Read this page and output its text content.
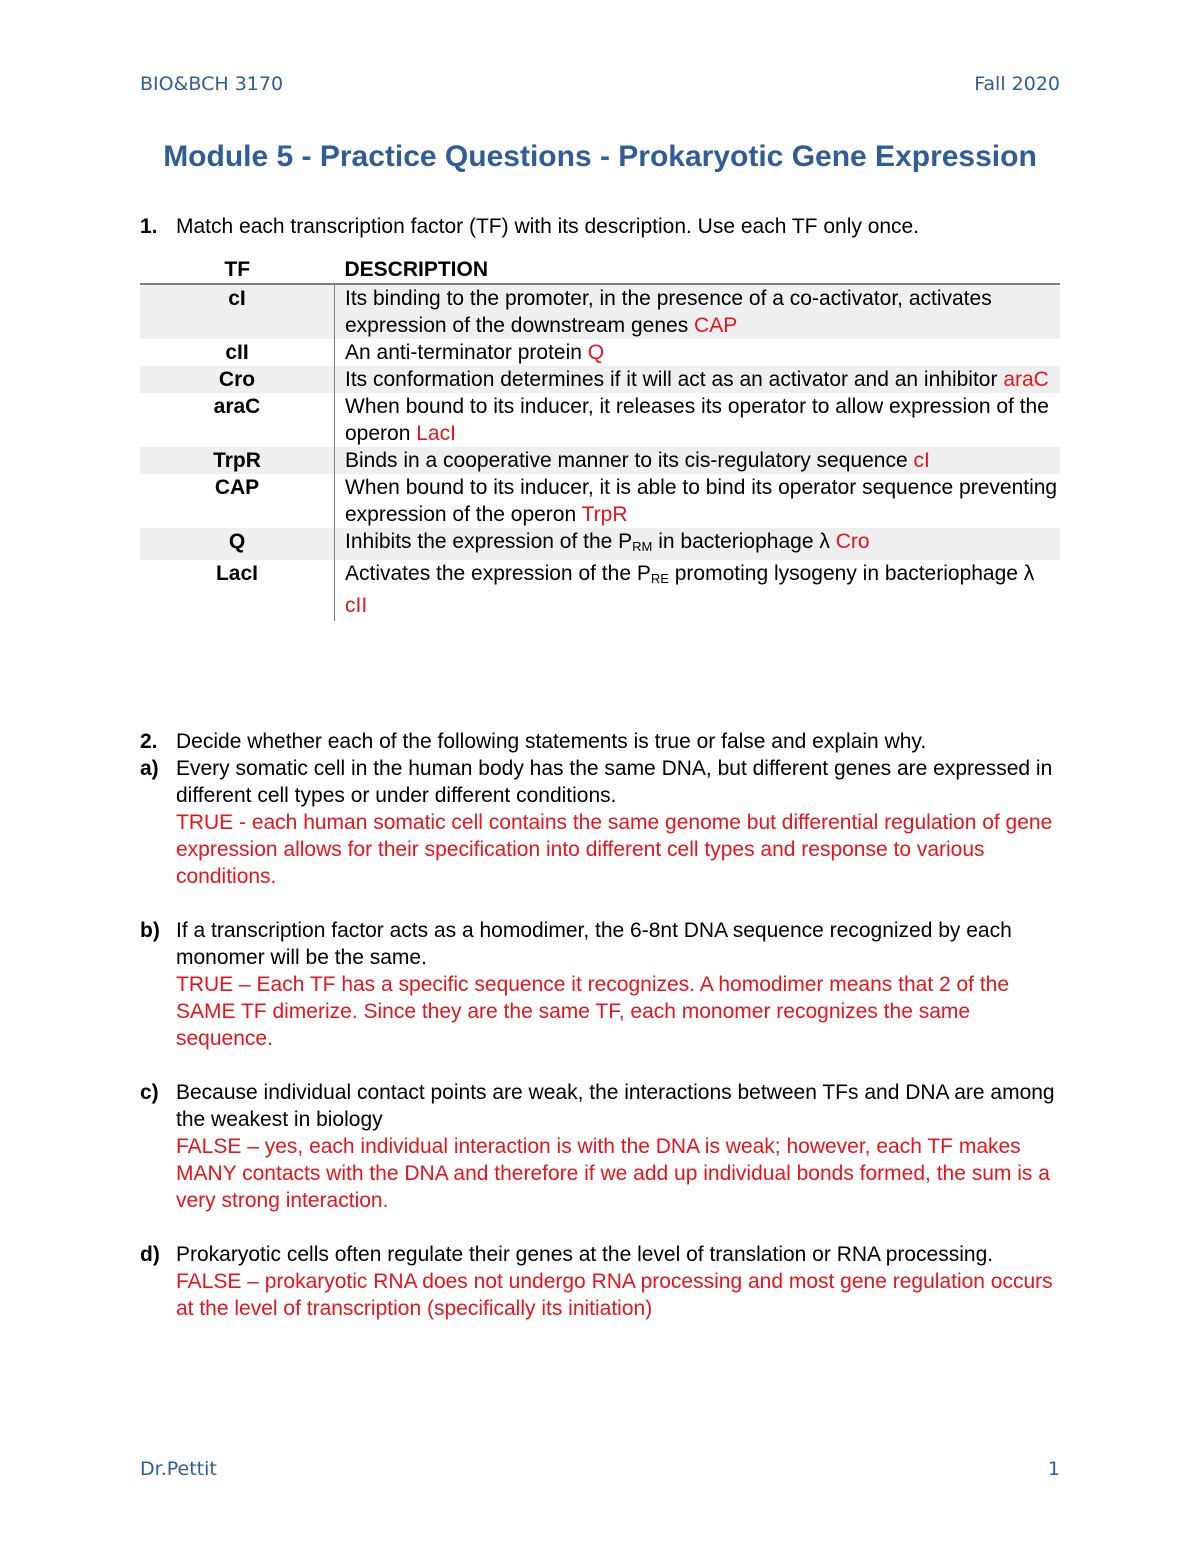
BIO&BCH 3170	Fall 2020
Module 5 - Practice Questions - Prokaryotic Gene Expression
1. Match each transcription factor (TF) with its description. Use each TF only once.
TF	DESCRIPTION
cI	Its binding to the promoter, in the presence of a co-activator, activates expression of the downstream genes CAP
cII	An anti-terminator protein Q
Cro	Its conformation determines if it will act as an activator and an inhibitor araC
araC	When bound to its inducer, it releases its operator to allow expression of the operon LacI
TrpR	Binds in a cooperative manner to its cis-regulatory sequence cI
CAP	When bound to its inducer, it is able to bind its operator sequence preventing expression of the operon TrpR
Q	Inhibits the expression of the $P_{RM}$ in bacteriophage λ Cro
LacI	Activates the expression of the $P_{RE}$ promoting lysogeny in bacteriophage λ cII
2. Decide whether each of the following statements is true or false and explain why.
a) Every somatic cell in the human body has the same DNA, but different genes are expressed in different cell types or under different conditions.
TRUE - each human somatic cell contains the same genome but differential regulation of gene expression allows for their specification into different cell types and response to various conditions.
b) If a transcription factor acts as a homodimer, the 6-8nt DNA sequence recognized by each monomer will be the same.
TRUE – Each TF has a specific sequence it recognizes. A homodimer means that 2 of the SAME TF dimerize. Since they are the same TF, each monomer recognizes the same sequence.
c) Because individual contact points are weak, the interactions between TFs and DNA are among the weakest in biology
FALSE – yes, each individual interaction is with the DNA is weak; however, each TF makes MANY contacts with the DNA and therefore if we add up individual bonds formed, the sum is a very strong interaction.
d) Prokaryotic cells often regulate their genes at the level of translation or RNA processing.
FALSE – prokaryotic RNA does not undergo RNA processing and most gene regulation occurs at the level of transcription (specifically its initiation)
Dr.Pettit	1
